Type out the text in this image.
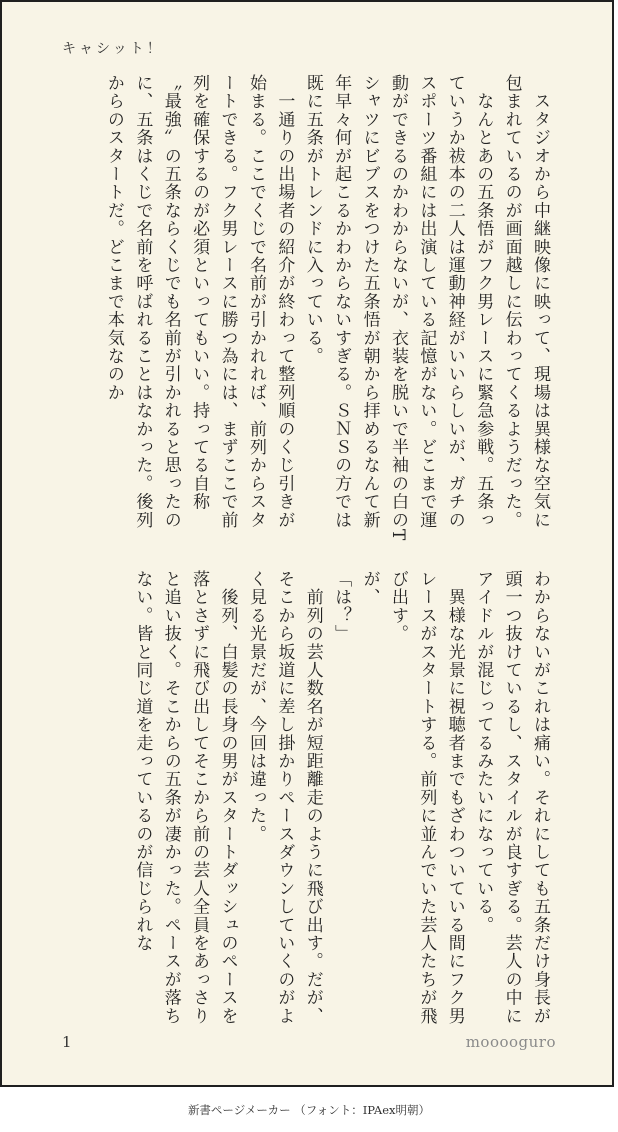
キャシット！

　スタジオから中継映像に映って、現場は異様な空気に包まれているのが画面越しに伝わってくるようだった。

　なんとあの五条悟がフク男レースに緊急参戦。五条っていうか祓本の二人は運動神経がいいらしいが、ガチのスポーツ番組には出演している記憶がない。どこまで運動ができるのかわからないが、衣装を脱いで半袖の白のTシャツにビブスをつけた五条悟が朝から拝めるなんて新年早々何が起こるかわからないすぎる。ＳＮＳの方では既に五条がトレンドに入っている。

　一通りの出場者の紹介が終わって整列順のくじ引きが始まる。ここでくじで名前が引かれれば、前列からスタートできる。フク男レースに勝つ為には、まずここで前列を確保するのが必須といってもいい。持ってる自称〝最強〟の五条ならくじでも名前が引かれると思ったのに、五条はくじで名前を呼ばれることはなかった。後列からのスタートだ。どこまで本気なのか

わからないがこれは痛い。それにしても五条だけ身長が頭一つ抜けているし、スタイルが良すぎる。芸人の中にアイドルが混じってるみたいになっている。

　異様な光景に視聴者までもざわついている間にフク男レースがスタートする。前列に並んでいた芸人たちが飛び出す。

が、

「は？」

　前列の芸人数名が短距離走のように飛び出す。だが、そこから坂道に差し掛かりペースダウンしていくのがよく見る光景だが、今回は違った。

　後列、白髪の長身の男がスタートダッシュのペースを落とさずに飛び出してそこから前の芸人全員をあっさりと追い抜く。そこからの五条が凄かった。ペースが落ちない。皆と同じ道を走っているのが信じられな

1	mooooguro
新書ページメーカー （フォント：IPAex明朝）
